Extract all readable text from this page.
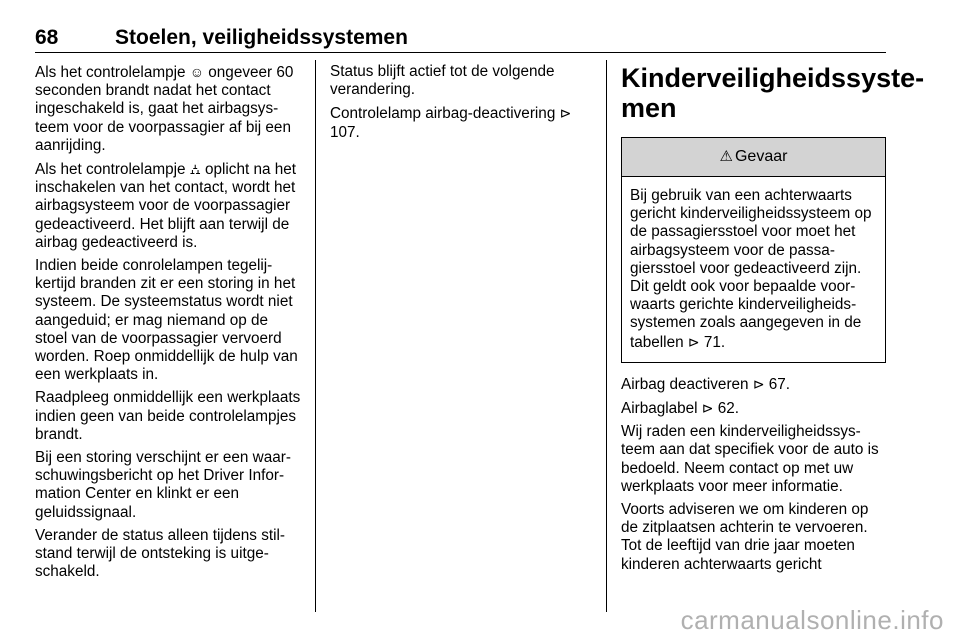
68	Stoelen, veiligheidssystemen

Als het controlelampje ☺ ongeveer 60 seconden brandt nadat het contact ingeschakeld is, gaat het airbagsysteem voor de voorpassagier af bij een aanrijding.

Als het controlelampje ⛼ oplicht na het inschakelen van het contact, wordt het airbagsysteem voor de voorpassagier gedeactiveerd. Het blijft aan terwijl de airbag gedeactiveerd is.

Indien beide conrolelampen tegelijkertijd branden zit er een storing in het systeem. De systeemstatus wordt niet aangeduid; er mag niemand op de stoel van de voorpassagier vervoerd worden. Roep onmiddellijk de hulp van een werkplaats in.

Raadpleeg onmiddellijk een werkplaats indien geen van beide controlelampjes brandt.

Bij een storing verschijnt er een waarschuwingsbericht op het Driver Information Center en klinkt er een geluidssignaal.

Verander de status alleen tijdens stilstand terwijl de ontsteking is uitgeschakeld.

Status blijft actief tot de volgende verandering.

Controlelamp airbag-deactivering ⊳ 107.

Kinderveiligheidssystemen
⚠ Gevaar
Bij gebruik van een achterwaarts gericht kinderveiligheidssysteem op de passagiersstoel voor moet het airbagsysteem voor de passagiersstoel voor gedeactiveerd zijn. Dit geldt ook voor bepaalde voorwaarts gerichte kinderveiligheidssystemen zoals aangegeven in de tabellen ⊳ 71.

Airbag deactiveren ⊳ 67.

Airbaglabel ⊳ 62.

Wij raden een kinderveiligheidssysteem aan dat specifiek voor de auto is bedoeld. Neem contact op met uw werkplaats voor meer informatie.

Voorts adviseren we om kinderen op de zitplaatsen achterin te vervoeren. Tot de leeftijd van drie jaar moeten kinderen achterwaarts gericht

carmanualsonline.info
